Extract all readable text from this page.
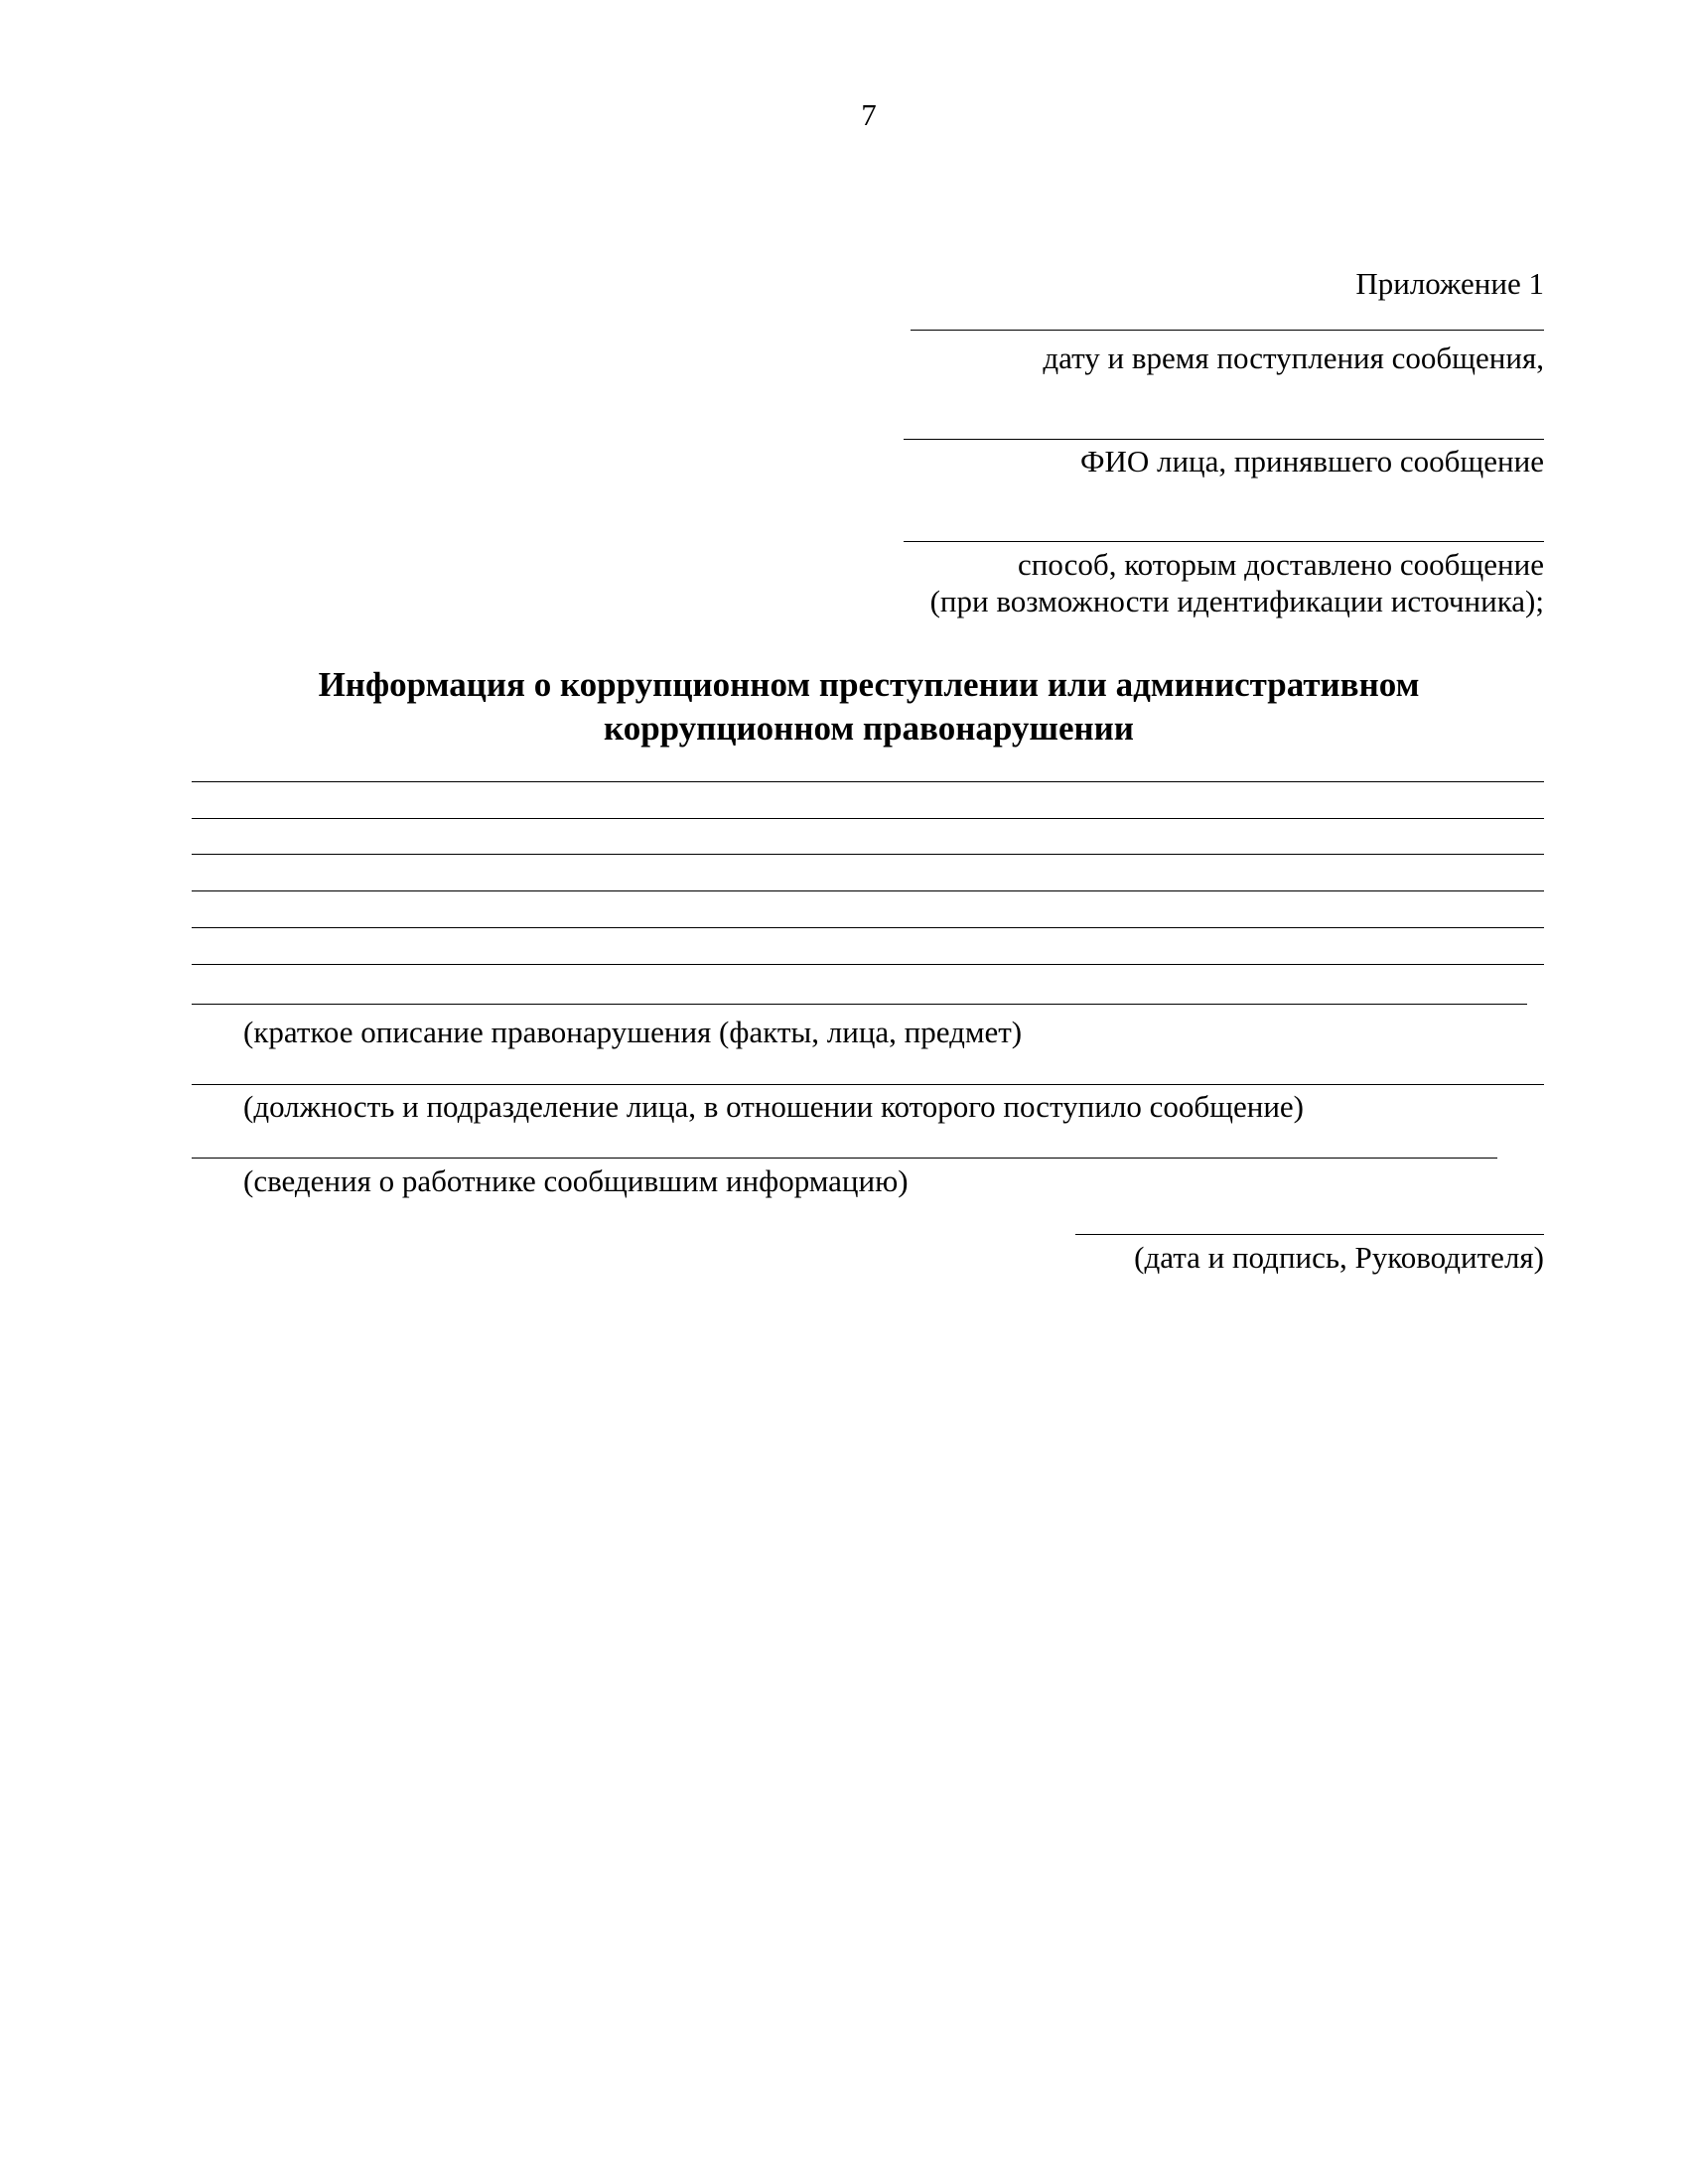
7
Приложение 1
дату и время поступления сообщения,
ФИО лица, принявшего сообщение
способ, которым доставлено сообщение
(при возможности идентификации источника);
Информация о коррупционном преступлении или административном
коррупционном правонарушении
(краткое описание правонарушения (факты, лица, предмет)
(должность и подразделение лица, в отношении которого поступило сообщение)
(сведения о работнике сообщившим информацию)
(дата и подпись, Руководителя)
